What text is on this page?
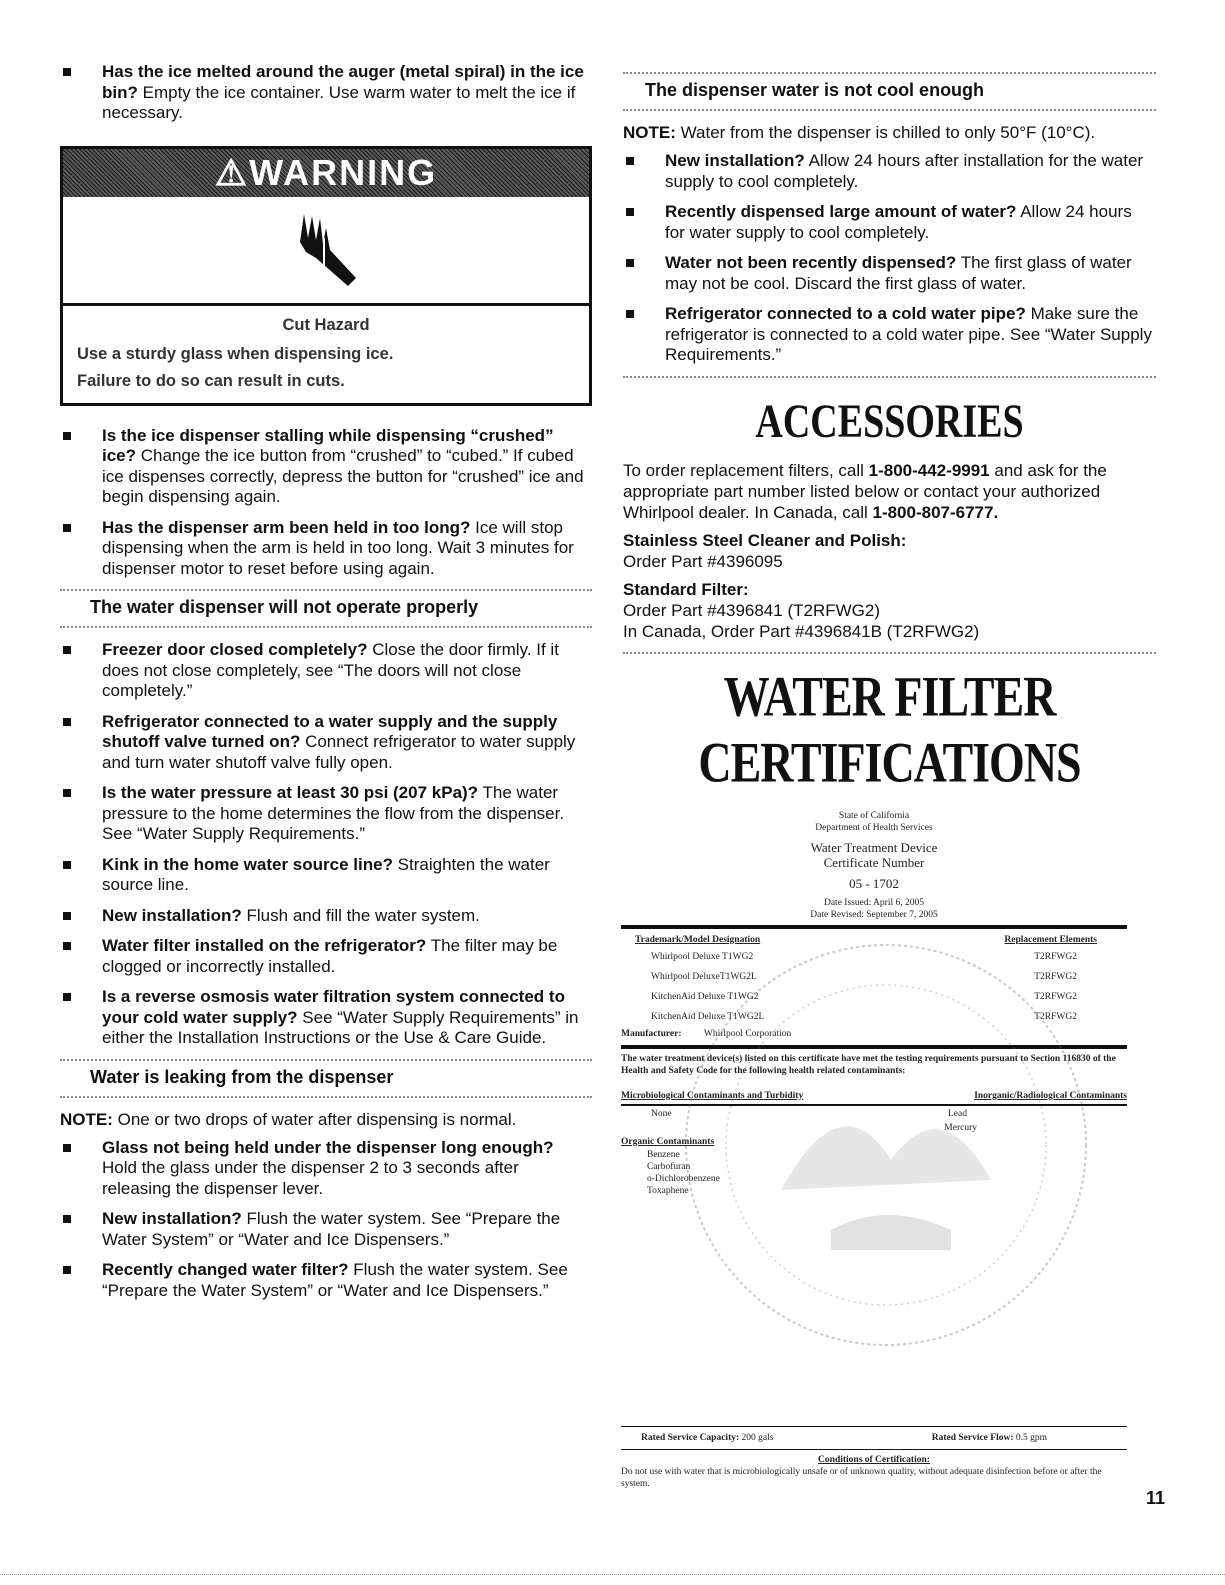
Has the ice melted around the auger (metal spiral) in the ice bin? Empty the ice container. Use warm water to melt the ice if necessary.
⚠WARNING
Cut Hazard
Use a sturdy glass when dispensing ice.
Failure to do so can result in cuts.
Is the ice dispenser stalling while dispensing “crushed” ice? Change the ice button from “crushed” to “cubed.” If cubed ice dispenses correctly, depress the button for “crushed” ice and begin dispensing again.
Has the dispenser arm been held in too long? Ice will stop dispensing when the arm is held in too long. Wait 3 minutes for dispenser motor to reset before using again.
The water dispenser will not operate properly
Freezer door closed completely? Close the door firmly. If it does not close completely, see “The doors will not close completely.”
Refrigerator connected to a water supply and the supply shutoff valve turned on? Connect refrigerator to water supply and turn water shutoff valve fully open.
Is the water pressure at least 30 psi (207 kPa)? The water pressure to the home determines the flow from the dispenser. See “Water Supply Requirements.”
Kink in the home water source line? Straighten the water source line.
New installation? Flush and fill the water system.
Water filter installed on the refrigerator? The filter may be clogged or incorrectly installed.
Is a reverse osmosis water filtration system connected to your cold water supply? See “Water Supply Requirements” in either the Installation Instructions or the Use & Care Guide.
Water is leaking from the dispenser

NOTE: One or two drops of water after dispensing is normal.

Glass not being held under the dispenser long enough? Hold the glass under the dispenser 2 to 3 seconds after releasing the dispenser lever.
New installation? Flush the water system. See “Prepare the Water System” or “Water and Ice Dispensers.”
Recently changed water filter? Flush the water system. See “Prepare the Water System” or “Water and Ice Dispensers.”
The dispenser water is not cool enough

NOTE: Water from the dispenser is chilled to only 50°F (10°C).

New installation? Allow 24 hours after installation for the water supply to cool completely.
Recently dispensed large amount of water? Allow 24 hours for water supply to cool completely.
Water not been recently dispensed? The first glass of water may not be cool. Discard the first glass of water.
Refrigerator connected to a cold water pipe? Make sure the refrigerator is connected to a cold water pipe. See “Water Supply Requirements.”
ACCESSORIES

To order replacement filters, call 1-800-442-9991 and ask for the appropriate part number listed below or contact your authorized Whirlpool dealer. In Canada, call 1-800-807-6777.

Stainless Steel Cleaner and Polish:

Order Part #4396095

Standard Filter:

Order Part #4396841 (T2RFWG2)

In Canada, Order Part #4396841B (T2RFWG2)

WATER FILTER CERTIFICATIONS
State of California
Department of Health Services
Water Treatment Device
Certificate Number
05 - 1702
Date Issued: April 6, 2005
Date Revised: September 7, 2005
Trademark/Model Designation	Replacement Elements
Whirlpool Deluxe T1WG2	T2RFWG2
Whirlpool DeluxeT1WG2L	T2RFWG2
KitchenAid Deluxe T1WG2	T2RFWG2
KitchenAid Deluxe T1WG2L	T2RFWG2
Manufacturer:
	Whirlpool Corporation
The water treatment device(s) listed on this certificate have met the testing requirements pursuant to Section 116830 of the Health and Safety Code for the following health related contaminants:
Microbiological Contaminants and Turbidity	Inorganic/Radiological Contaminants
None	Lead
Mercury
Organic Contaminants
Benzene
Carbofuran
o-Dichlorobenzene
Toxaphene
Rated Service Capacity: 200 gals	Rated Service Flow: 0.5 gpm
Conditions of Certification:
Do not use with water that is microbiologically unsafe or of unknown quality, without adequate disinfection before or after the system.
11
